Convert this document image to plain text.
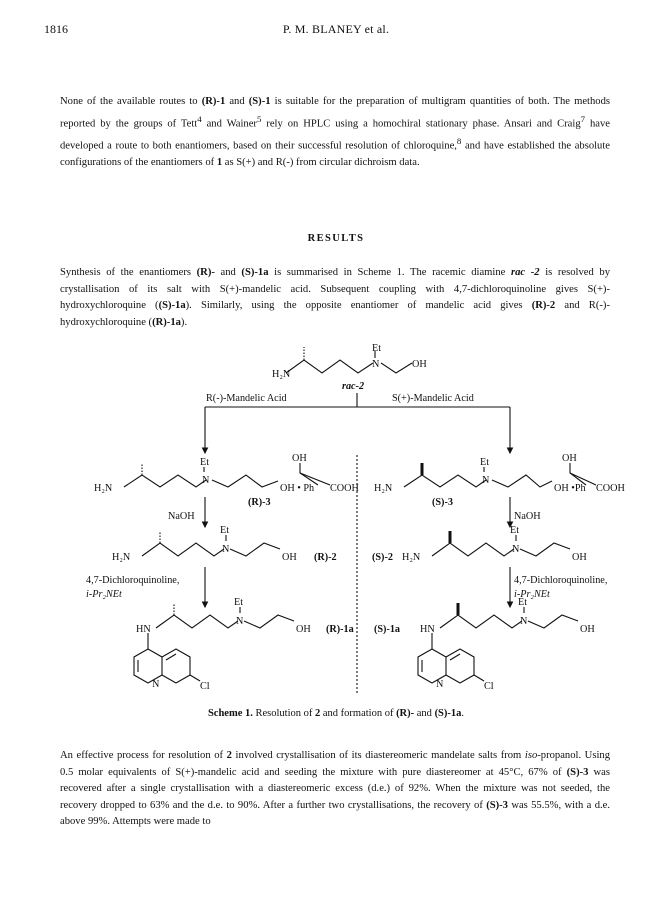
1816	P. M. BLANEY et al.
None of the available routes to (R)-1 and (S)-1 is suitable for the preparation of multigram quantities of both. The methods reported by the groups of Tett$^4$ and Wainer$^5$ rely on HPLC using a homochiral stationary phase. Ansari and Craig$^7$ have developed a route to both enantiomers, based on their successful resolution of chloroquine,$^8$ and have established the absolute configurations of the enantiomers of 1 as S(+) and R(-) from circular dichroism data.
RESULTS
Synthesis of the enantiomers (R)- and (S)-1a is summarised in Scheme 1. The racemic diamine rac -2 is resolved by crystallisation of its salt with S(+)-mandelic acid. Subsequent coupling with 4,7-dichloroquinoline gives S(+)-hydroxychloroquine ((S)-1a). Similarly, using the opposite enantiomer of mandelic acid gives (R)-2 and R(-)-hydroxychloroquine ((R)-1a).
H₂N
Et
N	OH
rac-2
R(-)-Mandelic Acid	S(+)-Mandelic Acid
H₂N
Et
N
OH • Ph
OH
COOH
(R)-3
NaOH
H₂N
Et
N
OH (R)-2
4,7-Dichloroquinoline,
i-Pr₂NEt
HN
Et
N
OH (R)-1a
N	Cl
H₂N
Et
N
OH •Ph
OH
COOH
(S)-3
NaOH
(S)-2 H₂N
Et
N
OH
4,7-Dichloroquinoline,
i-Pr₂NEt
(S)-1a HN
Et
N
OH
N	Cl
Scheme 1. Resolution of 2 and formation of (R)- and (S)-1a.
An effective process for resolution of 2 involved crystallisation of its diastereomeric mandelate salts from iso-propanol. Using 0.5 molar equivalents of S(+)-mandelic acid and seeding the mixture with pure diastereomer at 45°C, 67% of (S)-3 was recovered after a single crystallisation with a diastereomeric excess (d.e.) of 92%. When the mixture was not seeded, the recovery dropped to 63% and the d.e. to 90%. After a further two crystallisations, the recovery of (S)-3 was 55.5%, with a d.e. above 99%. Attempts were made to
